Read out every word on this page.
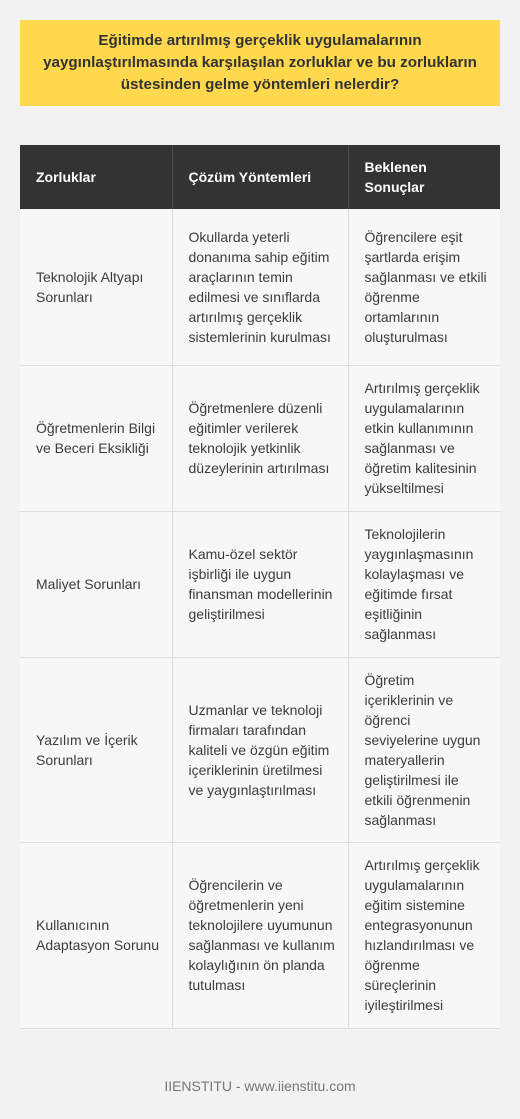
Eğitimde artırılmış gerçeklik uygulamalarının yaygınlaştırılmasında karşılaşılan zorluklar ve bu zorlukların üstesinden gelme yöntemleri nelerdir?
Zorluklar	Çözüm Yöntemleri	Beklenen Sonuçlar
Teknolojik Altyapı Sorunları	Okullarda yeterli donanıma sahip eğitim araçlarının temin edilmesi ve sınıflarda artırılmış gerçeklik sistemlerinin kurulması	Öğrencilere eşit şartlarda erişim sağlanması ve etkili öğrenme ortamlarının oluşturulması
Öğretmenlerin Bilgi ve Beceri Eksikliği	Öğretmenlere düzenli eğitimler verilerek teknolojik yetkinlik düzeylerinin artırılması	Artırılmış gerçeklik uygulamalarının etkin kullanımının sağlanması ve öğretim kalitesinin yükseltilmesi
Maliyet Sorunları	Kamu-özel sektör işbirliği ile uygun finansman modellerinin geliştirilmesi	Teknolojilerin yaygınlaşmasının kolaylaşması ve eğitimde fırsat eşitliğinin sağlanması
Yazılım ve İçerik Sorunları	Uzmanlar ve teknoloji firmaları tarafından kaliteli ve özgün eğitim içeriklerinin üretilmesi ve yaygınlaştırılması	Öğretim içeriklerinin ve öğrenci seviyelerine uygun materyallerin geliştirilmesi ile etkili öğrenmenin sağlanması
Kullanıcının Adaptasyon Sorunu	Öğrencilerin ve öğretmenlerin yeni teknolojilere uyumunun sağlanması ve kullanım kolaylığının ön planda tutulması	Artırılmış gerçeklik uygulamalarının eğitim sistemine entegrasyonunun hızlandırılması ve öğrenme süreçlerinin iyileştirilmesi
IIENSTITU - www.iienstitu.com
